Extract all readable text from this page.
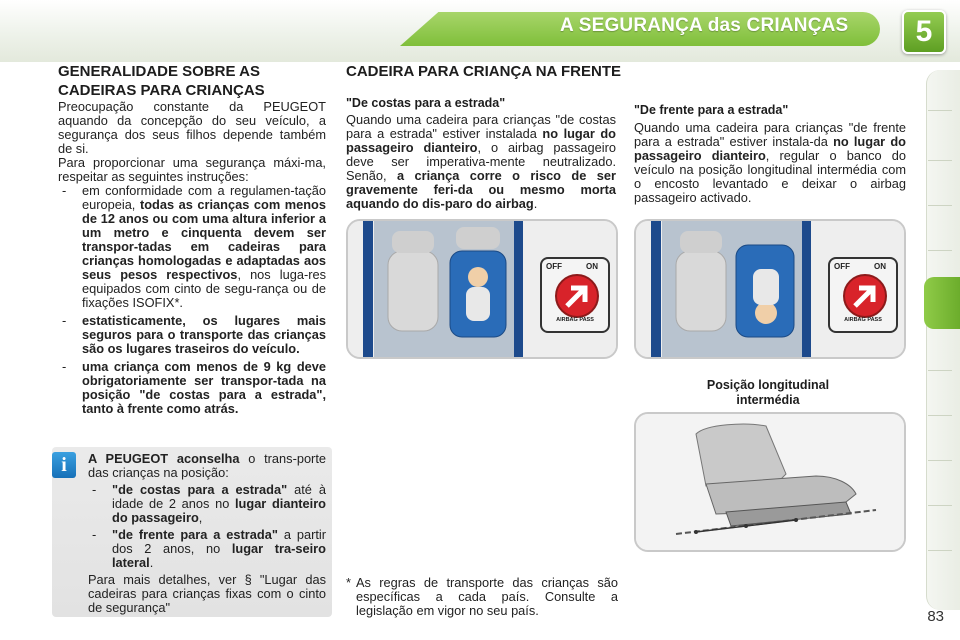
A SEGURANÇA das CRIANÇAS	5
GENERALIDADE SOBRE AS
CADEIRAS PARA CRIANÇAS
Preocupação constante da PEUGEOT aquando da concepção do seu veículo, a segurança dos seus filhos depende também de si.
Para proporcionar uma segurança máxi-ma, respeitar as seguintes instruções:
- em conformidade com a regulamen-tação europeia, todas as crianças com menos de 12 anos ou com uma altura inferior a um metro e cinquenta devem ser transpor-tadas em cadeiras para crianças homologadas e adaptadas aos seus pesos respectivos, nos luga-res equipados com cinto de segu-rança ou de fixações ISOFIX*.
- estatisticamente, os lugares mais seguros para o transporte das crianças são os lugares traseiros do veículo.
- uma criança com menos de 9 kg deve obrigatoriamente ser transpor-tada na posição "de costas para a estrada", tanto à frente como atrás.
i	A PEUGEOT aconselha o trans-porte das crianças na posição:
- "de costas para a estrada" até à idade de 2 anos no lugar dianteiro do passageiro,
- "de frente para a estrada" a partir dos 2 anos, no lugar tra-seiro lateral.
Para mais detalhes, ver § "Lugar das cadeiras para crianças fixas com o cinto de segurança"
CADEIRA PARA CRIANÇA NA FRENTE
"De costas para a estrada"
Quando uma cadeira para crianças "de costas para a estrada" estiver instalada no lugar do passageiro dianteiro, o airbag passageiro deve ser imperativa-mente neutralizado. Senão, a criança corre o risco de ser gravemente feri-da ou mesmo morta aquando do dis-paro do airbag.
"De frente para a estrada"
Quando uma cadeira para crianças "de frente para a estrada" estiver instala-da no lugar do passageiro dianteiro, regular o banco do veículo na posição longitudinal intermédia com o encosto levantado e deixar o airbag passageiro activado.
OFF	ON
AIRBAG PASS
OFF	ON
AIRBAG PASS
Posição longitudinal
intermédia
* As regras de transporte das crianças são específicas a cada país. Consulte a legislação em vigor no seu país.	83
